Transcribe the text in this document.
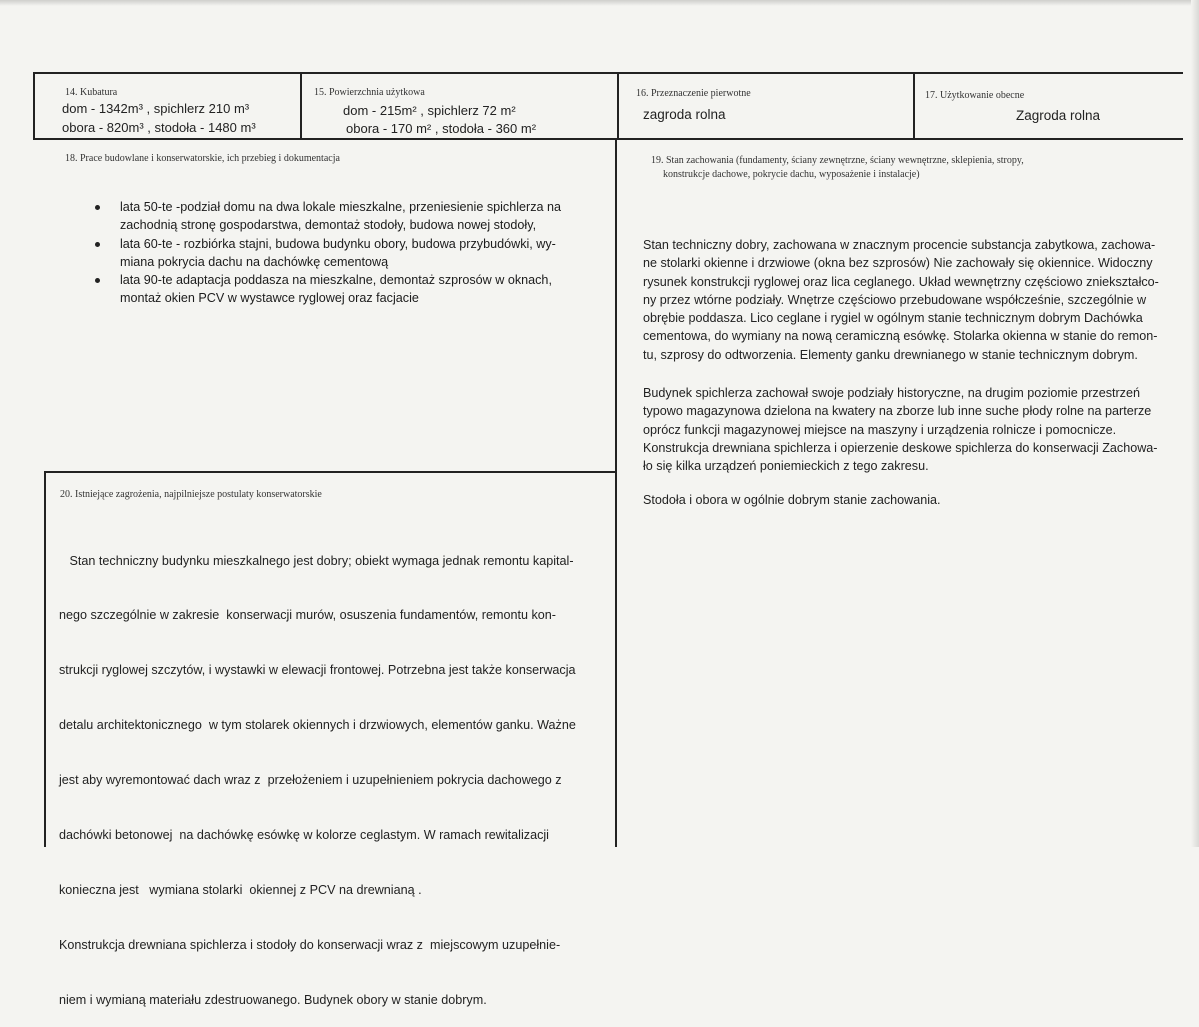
14. Kubatura
dom - 1342m³ , spichlerz 210 m³
obora - 820m³ , stodoła - 1480 m³
15. Powierzchnia użytkowa
dom - 215m² , spichlerz 72 m²
obora - 170 m² , stodoła - 360 m²
16. Przeznaczenie pierwotne
zagroda rolna
17. Użytkowanie obecne
Zagroda rolna
18. Prace budowlane i konserwatorskie, ich przebieg i dokumentacja
lata 50-te -podział domu na dwa lokale mieszkalne, przeniesienie spichlerza na
zachodnią stronę gospodarstwa, demontaż stodoły, budowa nowej stodoły,
lata 60-te - rozbiórka stajni, budowa budynku obory, budowa przybudówki, wy-
miana pokrycia dachu na dachówkę cementową
lata 90-te adaptacja poddasza na mieszkalne, demontaż szprosów w oknach,
montaż okien PCV w wystawce ryglowej oraz facjacie
19. Stan zachowania (fundamenty, ściany zewnętrzne, ściany wewnętrzne, sklepienia, stropy,
konstrukcje dachowe, pokrycie dachu, wyposażenie i instalacje)

Stan techniczny dobry, zachowana w znacznym procencie substancja zabytkowa, zachowa-

ne stolarki okienne i drzwiowe (okna bez szprosów) Nie zachowały się okiennice. Widoczny

rysunek konstrukcji ryglowej oraz lica ceglanego. Układ wewnętrzny częściowo zniekształco-

ny przez wtórne podziały. Wnętrze częściowo przebudowane współcześnie, szczególnie w

obrębie poddasza. Lico ceglane i rygiel w ogólnym stanie technicznym dobrym Dachówka

cementowa, do wymiany na nową ceramiczną esówkę. Stolarka okienna w stanie do remon-

tu, szprosy do odtworzenia. Elementy ganku drewnianego w stanie technicznym dobrym.

Budynek spichlerza zachował swoje podziały historyczne, na drugim poziomie przestrzeń

typowo magazynowa dzielona na kwatery na zborze lub inne suche płody rolne na parterze

oprócz funkcji magazynowej miejsce na maszyny i urządzenia rolnicze i pomocnicze.

Konstrukcja drewniana spichlerza i opierzenie deskowe spichlerza do konserwacji Zachowa-

ło się kilka urządzeń poniemieckich z tego zakresu.

Stodoła i obora w ogólnie dobrym stanie zachowania.

20. Istniejące zagrożenia, najpilniejsze postulaty konserwatorskie

Stan techniczny budynku mieszkalnego jest dobry; obiekt wymaga jednak remontu kapital-

nego szczególnie w zakresie  konserwacji murów, osuszenia fundamentów, remontu kon-

strukcji ryglowej szczytów, i wystawki w elewacji frontowej. Potrzebna jest także konserwacja

detalu architektonicznego  w tym stolarek okiennych i drzwiowych, elementów ganku. Ważne

jest aby wyremontować dach wraz z  przełożeniem i uzupełnieniem pokrycia dachowego z

dachówki betonowej  na dachówkę esówkę w kolorze ceglastym. W ramach rewitalizacji

konieczna jest   wymiana stolarki  okiennej z PCV na drewnianą .

Konstrukcja drewniana spichlerza i stodoły do konserwacji wraz z  miejscowym uzupełnie-

niem i wymianą materiału zdestruowanego. Budynek obory w stanie dobrym.
